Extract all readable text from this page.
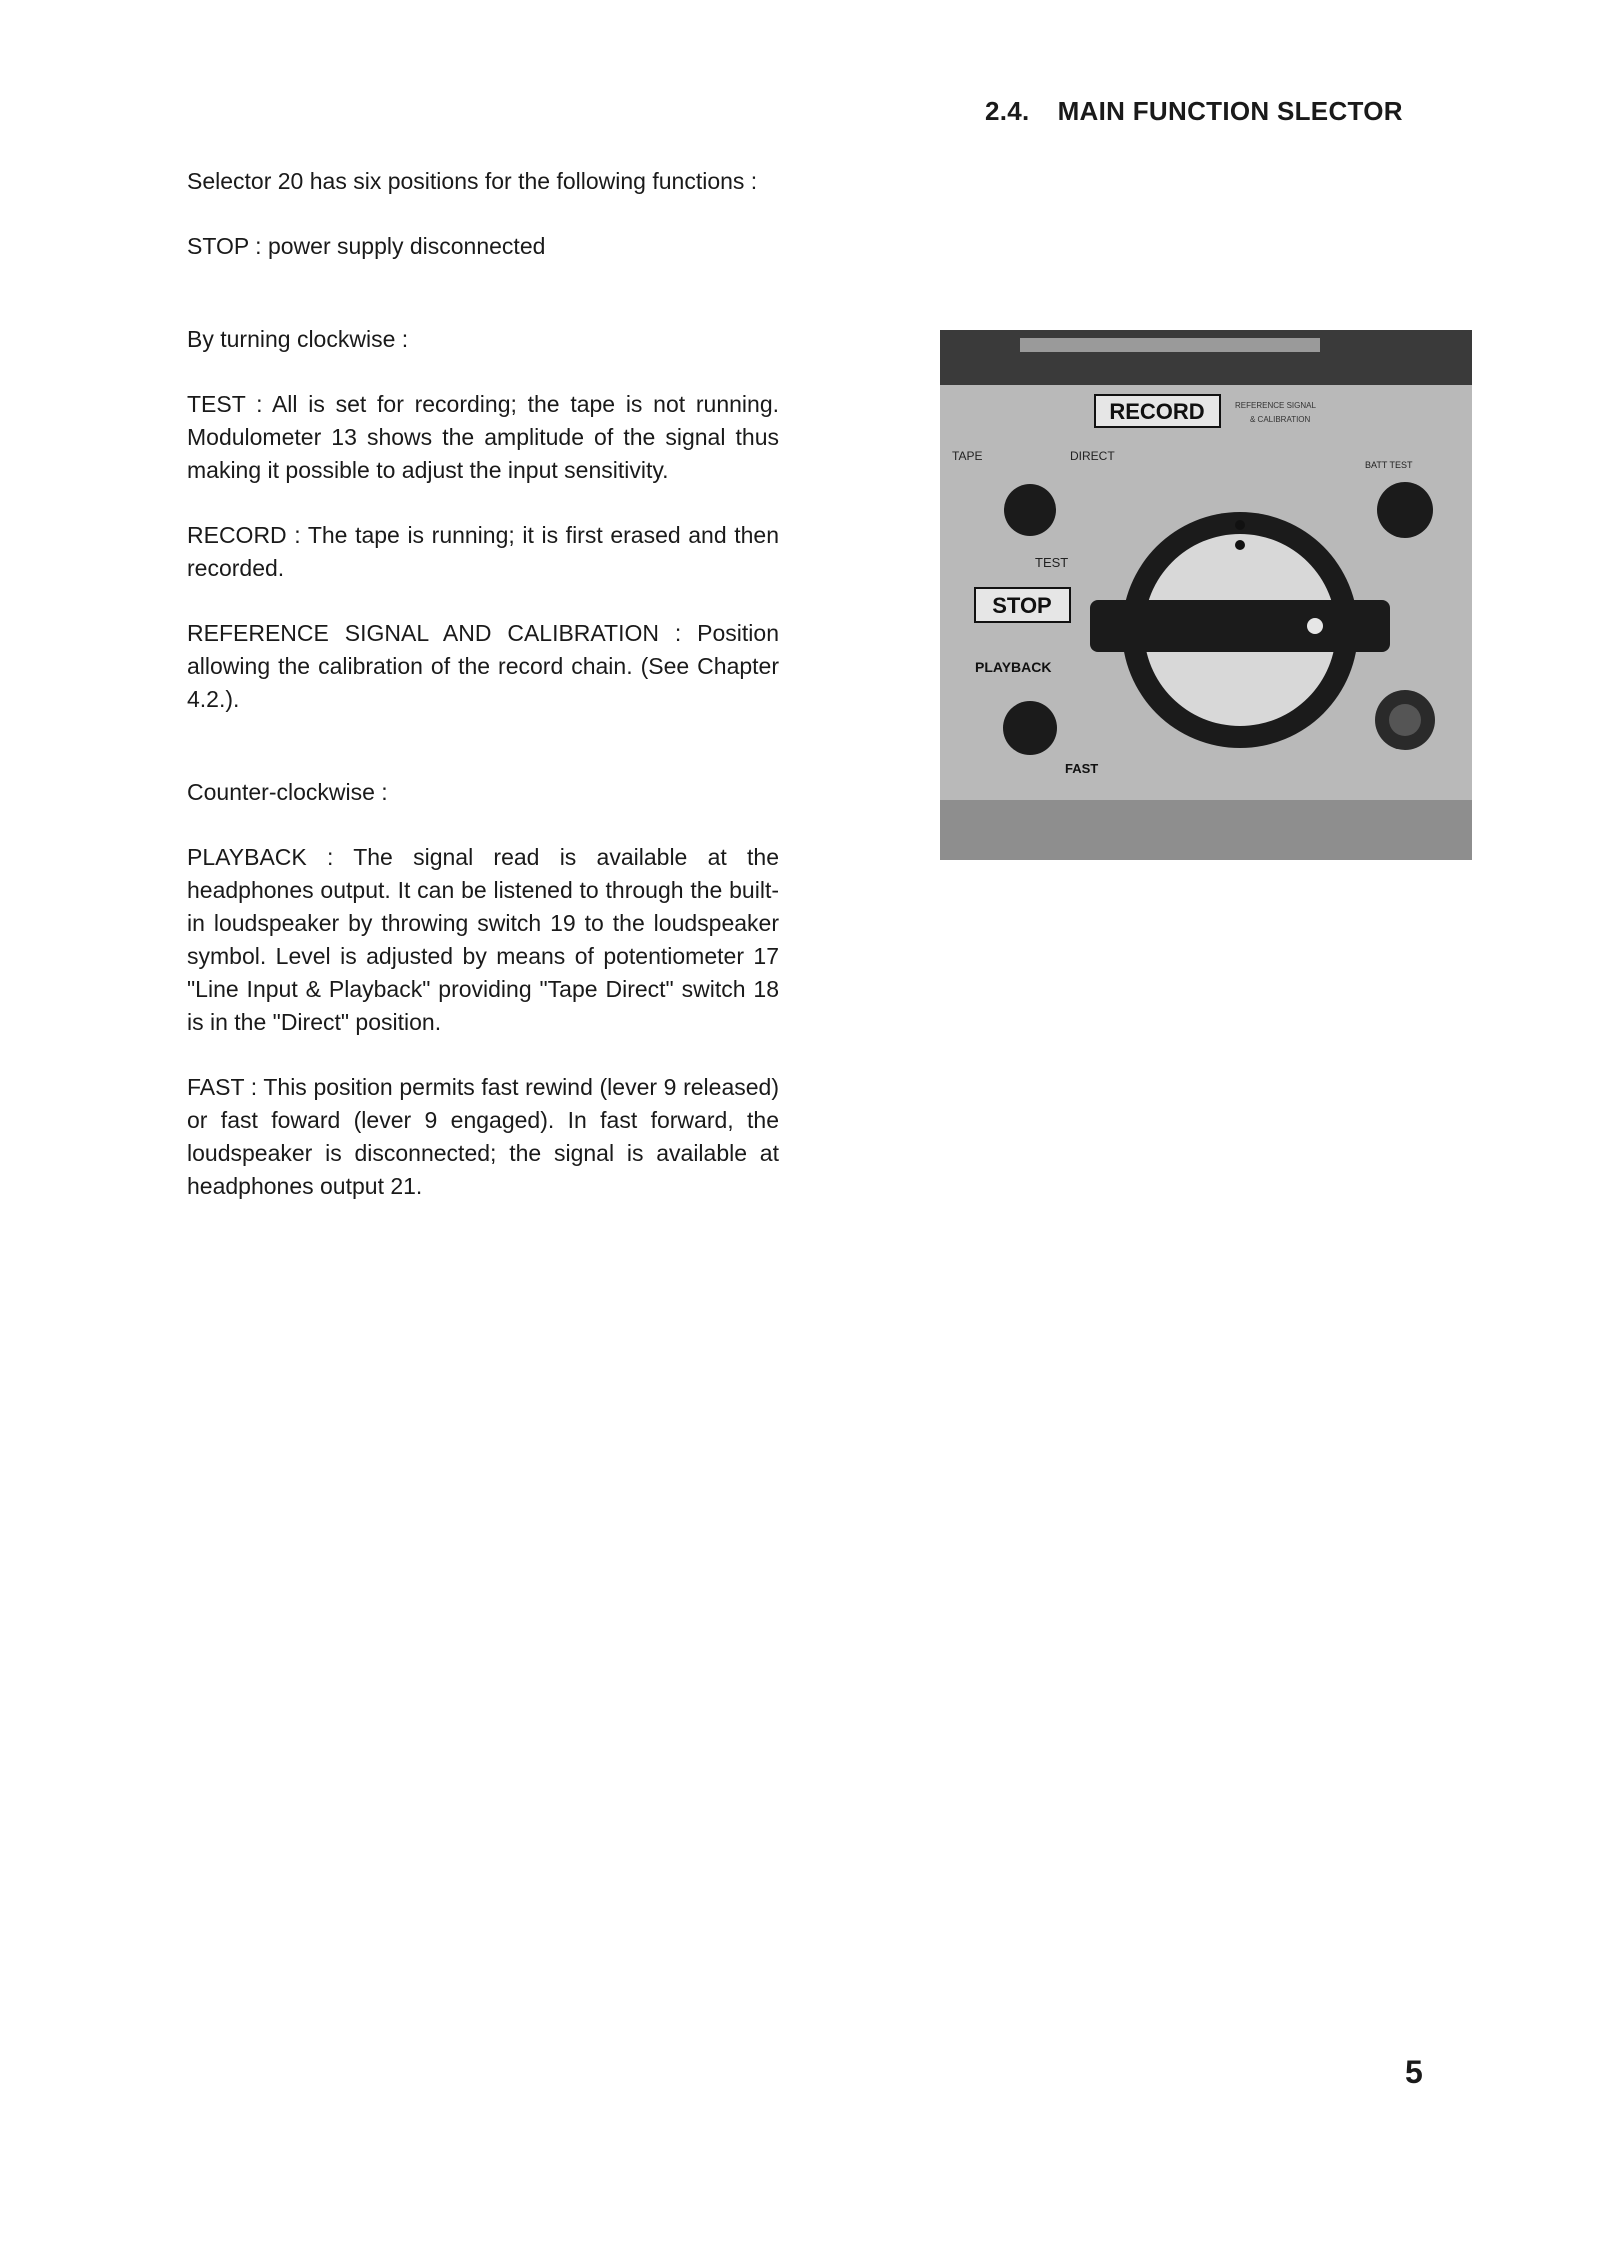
2.4. MAIN FUNCTION SLECTOR

Selector 20 has six positions for the following functions :

STOP : power supply disconnected

By turning clockwise :

TEST : All is set for recording; the tape is not running. Modulometer 13 shows the amplitude of the signal thus making it possible to adjust the input sensitivity.

RECORD : The tape is running; it is first erased and then recorded.

REFERENCE SIGNAL AND CALIBRATION : Position allowing the calibration of the record chain. (See Chapter 4.2.).

Counter-clockwise :

PLAYBACK : The signal read is available at the headphones output. It can be listened to through the built-in loudspeaker by throwing switch 19 to the loudspeaker symbol. Level is adjusted by means of potentiometer 17 "Line Input & Playback" providing "Tape Direct" switch 18 is in the "Direct" position.

FAST : This position permits fast rewind (lever 9 released) or fast foward (lever 9 engaged). In fast forward, the loudspeaker is disconnected; the signal is available at headphones output 21.

RECORD	REFERENCE SIGNAL
& CALIBRATION
TAPE	DIRECT
BATT TEST
TEST
STOP
PLAYBACK
FAST
5
